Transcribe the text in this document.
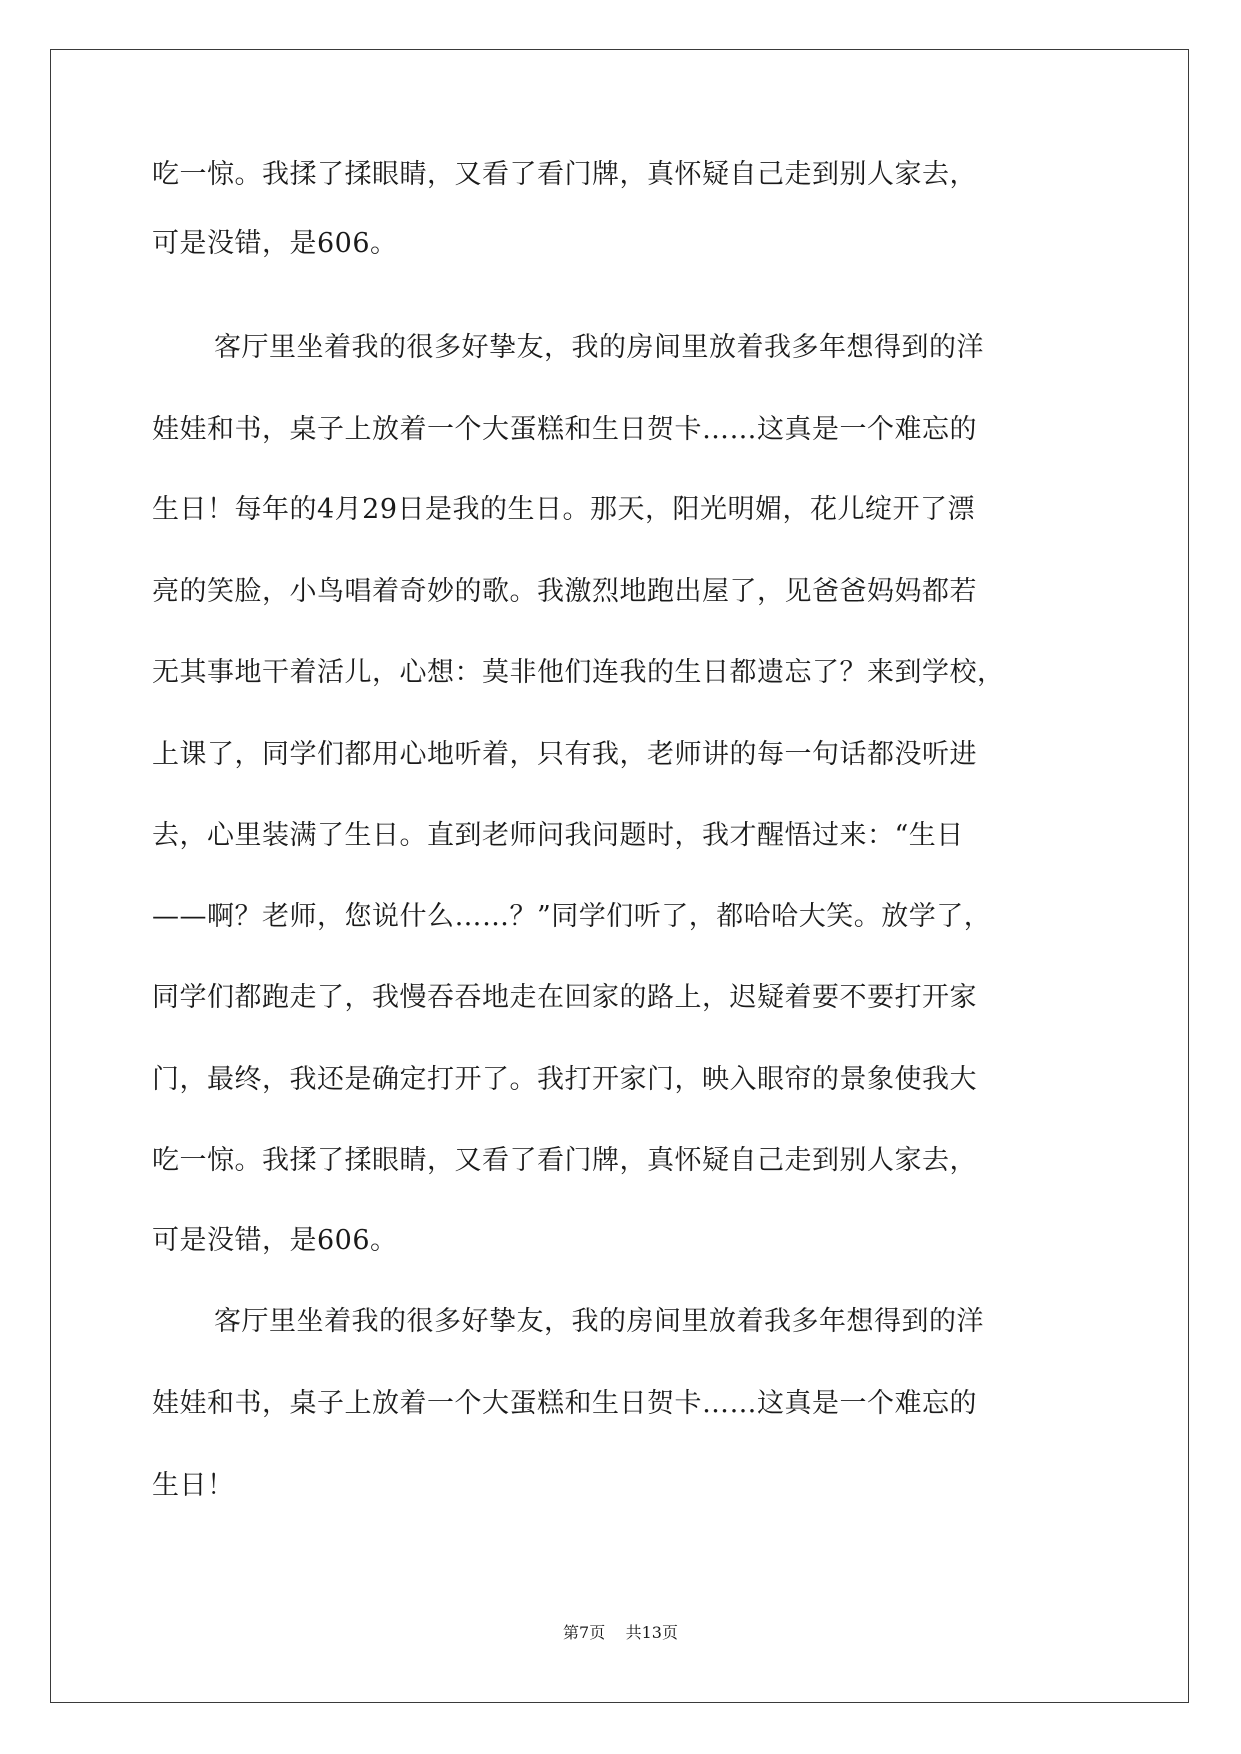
吃一惊。我揉了揉眼睛，又看了看门牌，真怀疑自己走到别人家去，
可是没错，是606。
客厅里坐着我的很多好挚友，我的房间里放着我多年想得到的洋
娃娃和书，桌子上放着一个大蛋糕和生日贺卡……这真是一个难忘的
生日！每年的4月29日是我的生日。那天，阳光明媚，花儿绽开了漂
亮的笑脸，小鸟唱着奇妙的歌。我激烈地跑出屋了，见爸爸妈妈都若
无其事地干着活儿，心想：莫非他们连我的生日都遗忘了？来到学校，
上课了，同学们都用心地听着，只有我，老师讲的每一句话都没听进
去，心里装满了生日。直到老师问我问题时，我才醒悟过来：“生日
——啊？老师，您说什么……？”同学们听了，都哈哈大笑。放学了，
同学们都跑走了，我慢吞吞地走在回家的路上，迟疑着要不要打开家
门，最终，我还是确定打开了。我打开家门，映入眼帘的景象使我大
吃一惊。我揉了揉眼睛，又看了看门牌，真怀疑自己走到别人家去，
可是没错，是606。
客厅里坐着我的很多好挚友，我的房间里放着我多年想得到的洋
娃娃和书，桌子上放着一个大蛋糕和生日贺卡……这真是一个难忘的
生日！
第7页 共13页
